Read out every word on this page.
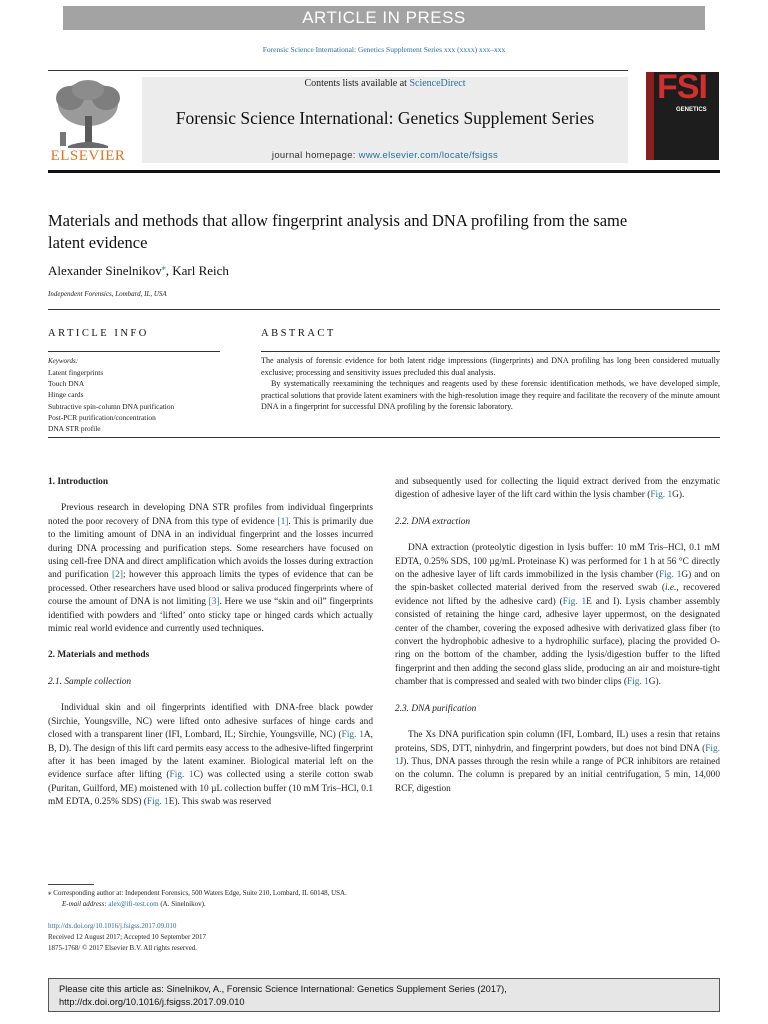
ARTICLE IN PRESS
Forensic Science International: Genetics Supplement Series xxx (xxxx) xxx–xxx
ELSEVIER
Contents lists available at ScienceDirect
Forensic Science International: Genetics Supplement Series
journal homepage: www.elsevier.com/locate/fsigss
FSI
GENETICS
Materials and methods that allow fingerprint analysis and DNA profiling from the same latent evidence
Alexander Sinelnikov⁎, Karl Reich
Independent Forensics, Lombard, IL, USA
ARTICLE INFO	ABSTRACT
Keywords:
Latent fingerprints
Touch DNA
Hinge cards
Subtractive spin-column DNA purification
Post-PCR purification/concentration
DNA STR profile

The analysis of forensic evidence for both latent ridge impressions (fingerprints) and DNA profiling has long been considered mutually exclusive; processing and sensitivity issues precluded this dual analysis.

By systematically reexamining the techniques and reagents used by these forensic identification methods, we have developed simple, practical solutions that provide latent examiners with the high-resolution image they require and facilitate the recovery of the minute amount DNA in a fingerprint for successful DNA profiling by the forensic laboratory.

1. Introduction

Previous research in developing DNA STR profiles from individual fingerprints noted the poor recovery of DNA from this type of evidence [1]. This is primarily due to the limiting amount of DNA in an individual fingerprint and the losses incurred during DNA processing and purification steps. Some researchers have focused on using cell-free DNA and direct amplification which avoids the losses during extraction and purification [2]; however this approach limits the types of evidence that can be processed. Other researchers have used blood or saliva produced fingerprints where of course the amount of DNA is not limiting [3]. Here we use “skin and oil” fingerprints identified with powders and ‘lifted’ onto sticky tape or hinged cards which actually mimic real world evidence and currently used techniques.

2. Materials and methods
2.1. Sample collection

Individual skin and oil fingerprints identified with DNA-free black powder (Sirchie, Youngsville, NC) were lifted onto adhesive surfaces of hinge cards and closed with a transparent liner (IFI, Lombard, IL; Sirchie, Youngsville, NC) (Fig. 1A, B, D). The design of this lift card permits easy access to the adhesive-lifted fingerprint after it has been imaged by the latent examiner. Biological material left on the evidence surface after lifting (Fig. 1C) was collected using a sterile cotton swab (Puritan, Guilford, ME) moistened with 10 µL collection buffer (10 mM Tris–HCl, 0.1 mM EDTA, 0.25% SDS) (Fig. 1E). This swab was reserved

and subsequently used for collecting the liquid extract derived from the enzymatic digestion of adhesive layer of the lift card within the lysis chamber (Fig. 1G).

2.2. DNA extraction

DNA extraction (proteolytic digestion in lysis buffer: 10 mM Tris–HCl, 0.1 mM EDTA, 0.25% SDS, 100 µg/mL Proteinase K) was performed for 1 h at 56 °C directly on the adhesive layer of lift cards immobilized in the lysis chamber (Fig. 1G) and on the spin-basket collected material derived from the reserved swab (i.e., recovered evidence not lifted by the adhesive card) (Fig. 1E and I). Lysis chamber assembly consisted of retaining the hinge card, adhesive layer uppermost, on the designated center of the chamber, covering the exposed adhesive with derivatized glass fiber (to convert the hydrophobic adhesive to a hydrophilic surface), placing the provided O-ring on the bottom of the chamber, adding the lysis/digestion buffer to the lifted fingerprint and then adding the second glass slide, producing an air and moisture-tight chamber that is compressed and sealed with two binder clips (Fig. 1G).

2.3. DNA purification

The Xs DNA purification spin column (IFI, Lombard, IL) uses a resin that retains proteins, SDS, DTT, ninhydrin, and fingerprint powders, but does not bind DNA (Fig. 1J). Thus, DNA passes through the resin while a range of PCR inhibitors are retained on the column. The column is prepared by an initial centrifugation, 5 min, 14,000 RCF, digestion

⁎ Corresponding author at: Independent Forensics, 500 Waters Edge, Suite 210, Lombard, IL 60148, USA.
E-mail address: alex@ifi-test.com (A. Sinelnikov).
http://dx.doi.org/10.1016/j.fsigss.2017.09.010
Received 12 August 2017; Accepted 10 September 2017
1875-1768/ © 2017 Elsevier B.V. All rights reserved.
Please cite this article as: Sinelnikov, A., Forensic Science International: Genetics Supplement Series (2017),
http://dx.doi.org/10.1016/j.fsigss.2017.09.010
